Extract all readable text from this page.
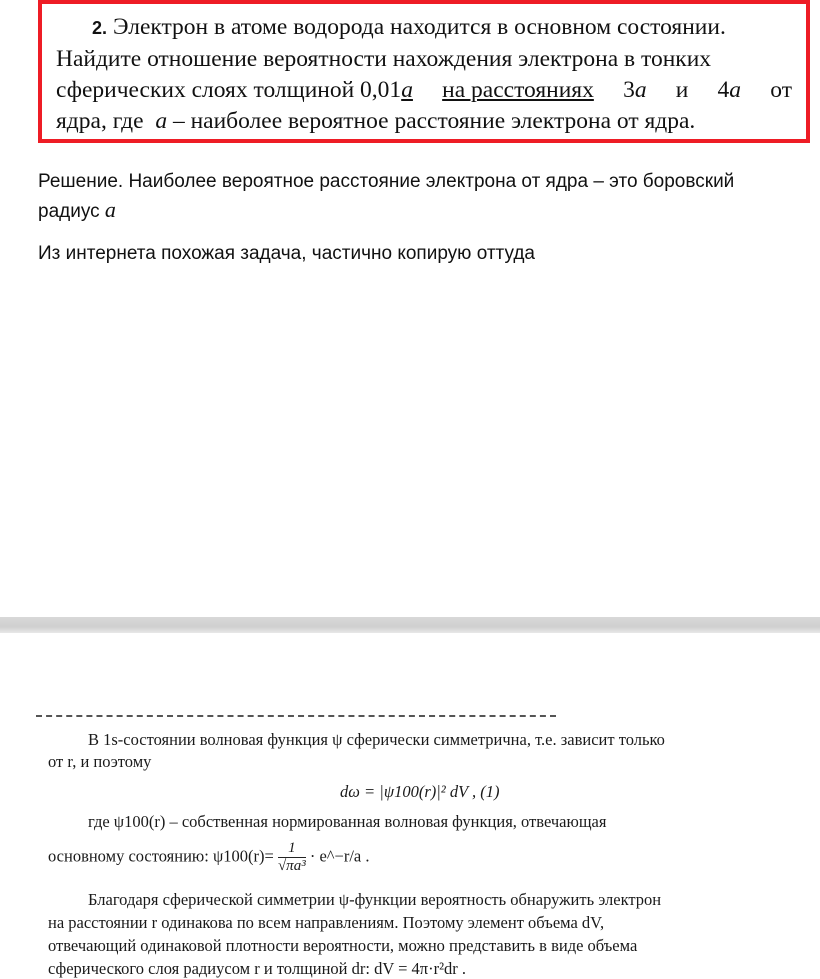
2. Электрон в атоме водорода находится в основном состоянии.
Найдите отношение вероятности нахождения электрона в тонких
сферических слоях толщиной 0,01a на расстояниях 3a и 4a от
ядра, где a – наиболее вероятное расстояние электрона от ядра.
Решение. Наиболее вероятное расстояние электрона от ядра – это боровский радиус a
Из интернета похожая задача, частично копирую оттуда
В 1s-состоянии волновая функция ψ сферически симметрична, т.е. зависит только
от r, и поэтому
dω = |ψ100(r)|² dV , (1)
где ψ100(r) – собственная нормированная волновая функция, отвечающая
основному состоянию: $\psi 100(r)= \frac{1}{\text{√πa³}}$ · e^−r/a .
Благодаря сферической симметрии ψ-функции вероятность обнаружить электрон
на расстоянии r одинакова по всем направлениям. Поэтому элемент объема dV,
отвечающий одинаковой плотности вероятности, можно представить в виде объема
сферического слоя радиусом r и толщиной dr: dV = 4π·r²dr .
